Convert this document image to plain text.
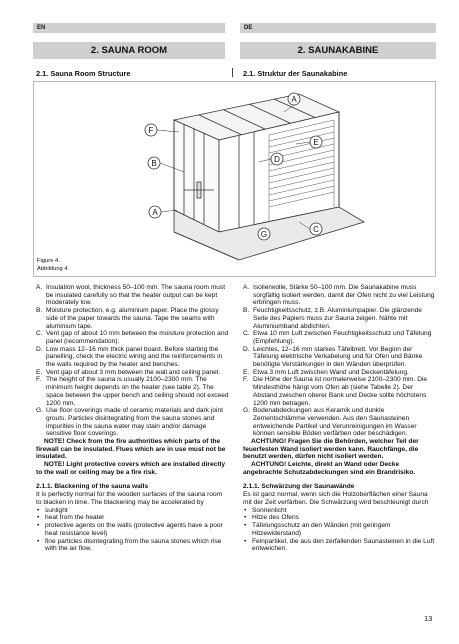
EN	DE
2. SAUNA ROOM	2. SAUNAKABINE
2.1. Sauna Room Structure	2.1. Struktur der Saunakabine
A
B
C
D
E
F
G
A
Figure 4.
Abbildung 4.
A. Insulation wool, thickness 50–100 mm. The sauna room must be insulated carefully so that the heater output can be kept moderately low.
B. Moisture protection, e.g. aluminium paper. Place the glossy side of the paper towards the sauna. Tape the seams with aluminium tape.
C. Vent gap of about 10 mm between the moisture protection and panel (recommendation).
D. Low mass 12–16 mm thick panel board. Before starting the panelling, check the electric wiring and the reinforcements in the walls required by the heater and benches.
E. Vent gap of about 3 mm between the wall and ceiling panel.
F. The height of the sauna is usually 2100–2300 mm. The minimum height depends on the heater (see table 2). The space between the upper bench and ceiling should not exceed 1200 mm.
G. Use floor coverings made of ceramic materials and dark joint grouts. Particles disintegrating from the sauna stones and impurities in the sauna water may stain and/or damage sensitive floor coverings.
NOTE! Check from the fire authorities which parts of the firewall can be insulated. Flues which are in use must not be insulated.
NOTE! Light protective covers which are installed directly to the wall or ceiling may be a fire risk.
2.1.1. Blackening of the sauna walls
It is perfectly normal for the wooden surfaces of the sauna room to blacken in time. The blackening may be accelerated by
• sunlight
• heat from the heater
• protective agents on the walls (protective agents have a poor heat resistance level)
• fine particles disintegrating from the sauna stones which rise with the air flow.
A. Isolierwolle, Stärke 50–100 mm. Die Saunakabine muss sorgfältig isoliert werden, damit der Ofen nicht zu viel Leistung erbringen muss.
B. Feuchtigkeitsschutz, z.B. Aluminiumpapier. Die glänzende Seite des Papiers muss zur Sauna zeigen. Nähte mit Aluminiumband abdichten.
C. Etwa 10 mm Luft zwischen Feuchtigkeitsschutz und Täfelung (Empfehlung).
D. Leichtes, 12–16 mm starkes Täfelbrett. Vor Beginn der Täfelung elektrische Verkabelung und für Ofen und Bänke benötigte Verstärkungen in den Wänden überprüfen.
E. Etwa 3 mm Luft zwischen Wand und Deckentäfelung.
F. Die Höhe der Sauna ist normalerweise 2100–2300 mm. Die Mindesthöhe hängt vom Ofen ab (siehe Tabelle 2). Der Abstand zwischen oberer Bank und Decke sollte höchstens 1200 mm betragen.
G. Bodenabdeckungen aus Keramik und dunkle Zementschlämme verwenden. Aus den Saunasteinen entweichende Partikel und Verunreinigungen im Wasser können sensible Böden verfärben oder beschädigen.
ACHTUNG! Fragen Sie die Behörden, welcher Teil der feuerfesten Wand isoliert werden kann. Rauchfänge, die benutzt werden, dürfen nicht isoliert werden.
ACHTUNG! Leichte, direkt an Wand oder Decke angebrachte Schutzabdeckungen sind ein Brandrisiko.
2.1.1. Schwärzung der Saunawände
Es ist ganz normal, wenn sich die Holzoberflächen einer Sauna mit der Zeit verfärben. Die Schwärzung wird beschleunigt durch
• Sonnenlicht
• Hitze des Ofens
• Täfelungsschutz an den Wänden (mit geringem Hitzewiderstand)
• Feinpartikel, die aus den zerfallenden Saunasteinen in die Luft entweichen.
13
